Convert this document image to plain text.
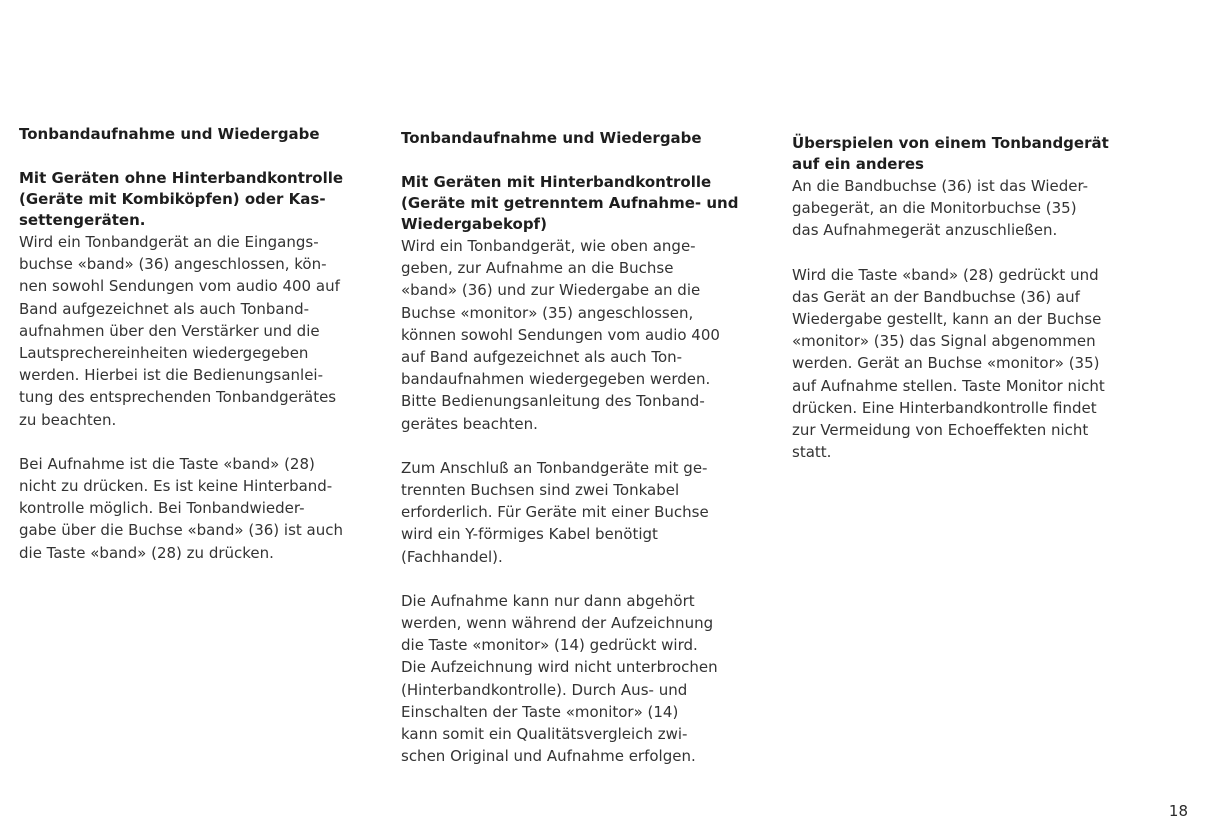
Tonbandaufnahme und Wiedergabe

Mit Geräten ohne Hinterbandkontrolle
(Geräte mit Kombiköpfen) oder Kas-
settengeräten.

Wird ein Tonbandgerät an die Eingangs-
buchse «band» (36) angeschlossen, kön-
nen sowohl Sendungen vom audio 400 auf
Band aufgezeichnet als auch Tonband-
aufnahmen über den Verstärker und die
Lautsprechereinheiten wiedergegeben
werden. Hierbei ist die Bedienungsanlei-
tung des entsprechenden Tonbandgerätes
zu beachten.

Bei Aufnahme ist die Taste «band» (28)
nicht zu drücken. Es ist keine Hinterband-
kontrolle möglich. Bei Tonbandwieder-
gabe über die Buchse «band» (36) ist auch
die Taste «band» (28) zu drücken.

Tonbandaufnahme und Wiedergabe

Mit Geräten mit Hinterbandkontrolle
(Geräte mit getrenntem Aufnahme- und
Wiedergabekopf)

Wird ein Tonbandgerät, wie oben ange-
geben, zur Aufnahme an die Buchse
«band» (36) und zur Wiedergabe an die
Buchse «monitor» (35) angeschlossen,
können sowohl Sendungen vom audio 400
auf Band aufgezeichnet als auch Ton-
bandaufnahmen wiedergegeben werden.
Bitte Bedienungsanleitung des Tonband-
gerätes beachten.

Zum Anschluß an Tonbandgeräte mit ge-
trennten Buchsen sind zwei Tonkabel
erforderlich. Für Geräte mit einer Buchse
wird ein Y-förmiges Kabel benötigt
(Fachhandel).

Die Aufnahme kann nur dann abgehört
werden, wenn während der Aufzeichnung
die Taste «monitor» (14) gedrückt wird.
Die Aufzeichnung wird nicht unterbrochen
(Hinterbandkontrolle). Durch Aus- und
Einschalten der Taste «monitor» (14)
kann somit ein Qualitätsvergleich zwi-
schen Original und Aufnahme erfolgen.

Überspielen von einem Tonbandgerät
auf ein anderes

An die Bandbuchse (36) ist das Wieder-
gabegerät, an die Monitorbuchse (35)
das Aufnahmegerät anzuschließen.

Wird die Taste «band» (28) gedrückt und
das Gerät an der Bandbuchse (36) auf
Wiedergabe gestellt, kann an der Buchse
«monitor» (35) das Signal abgenommen
werden. Gerät an Buchse «monitor» (35)
auf Aufnahme stellen. Taste Monitor nicht
drücken. Eine Hinterbandkontrolle findet
zur Vermeidung von Echoeffekten nicht
statt.

18
